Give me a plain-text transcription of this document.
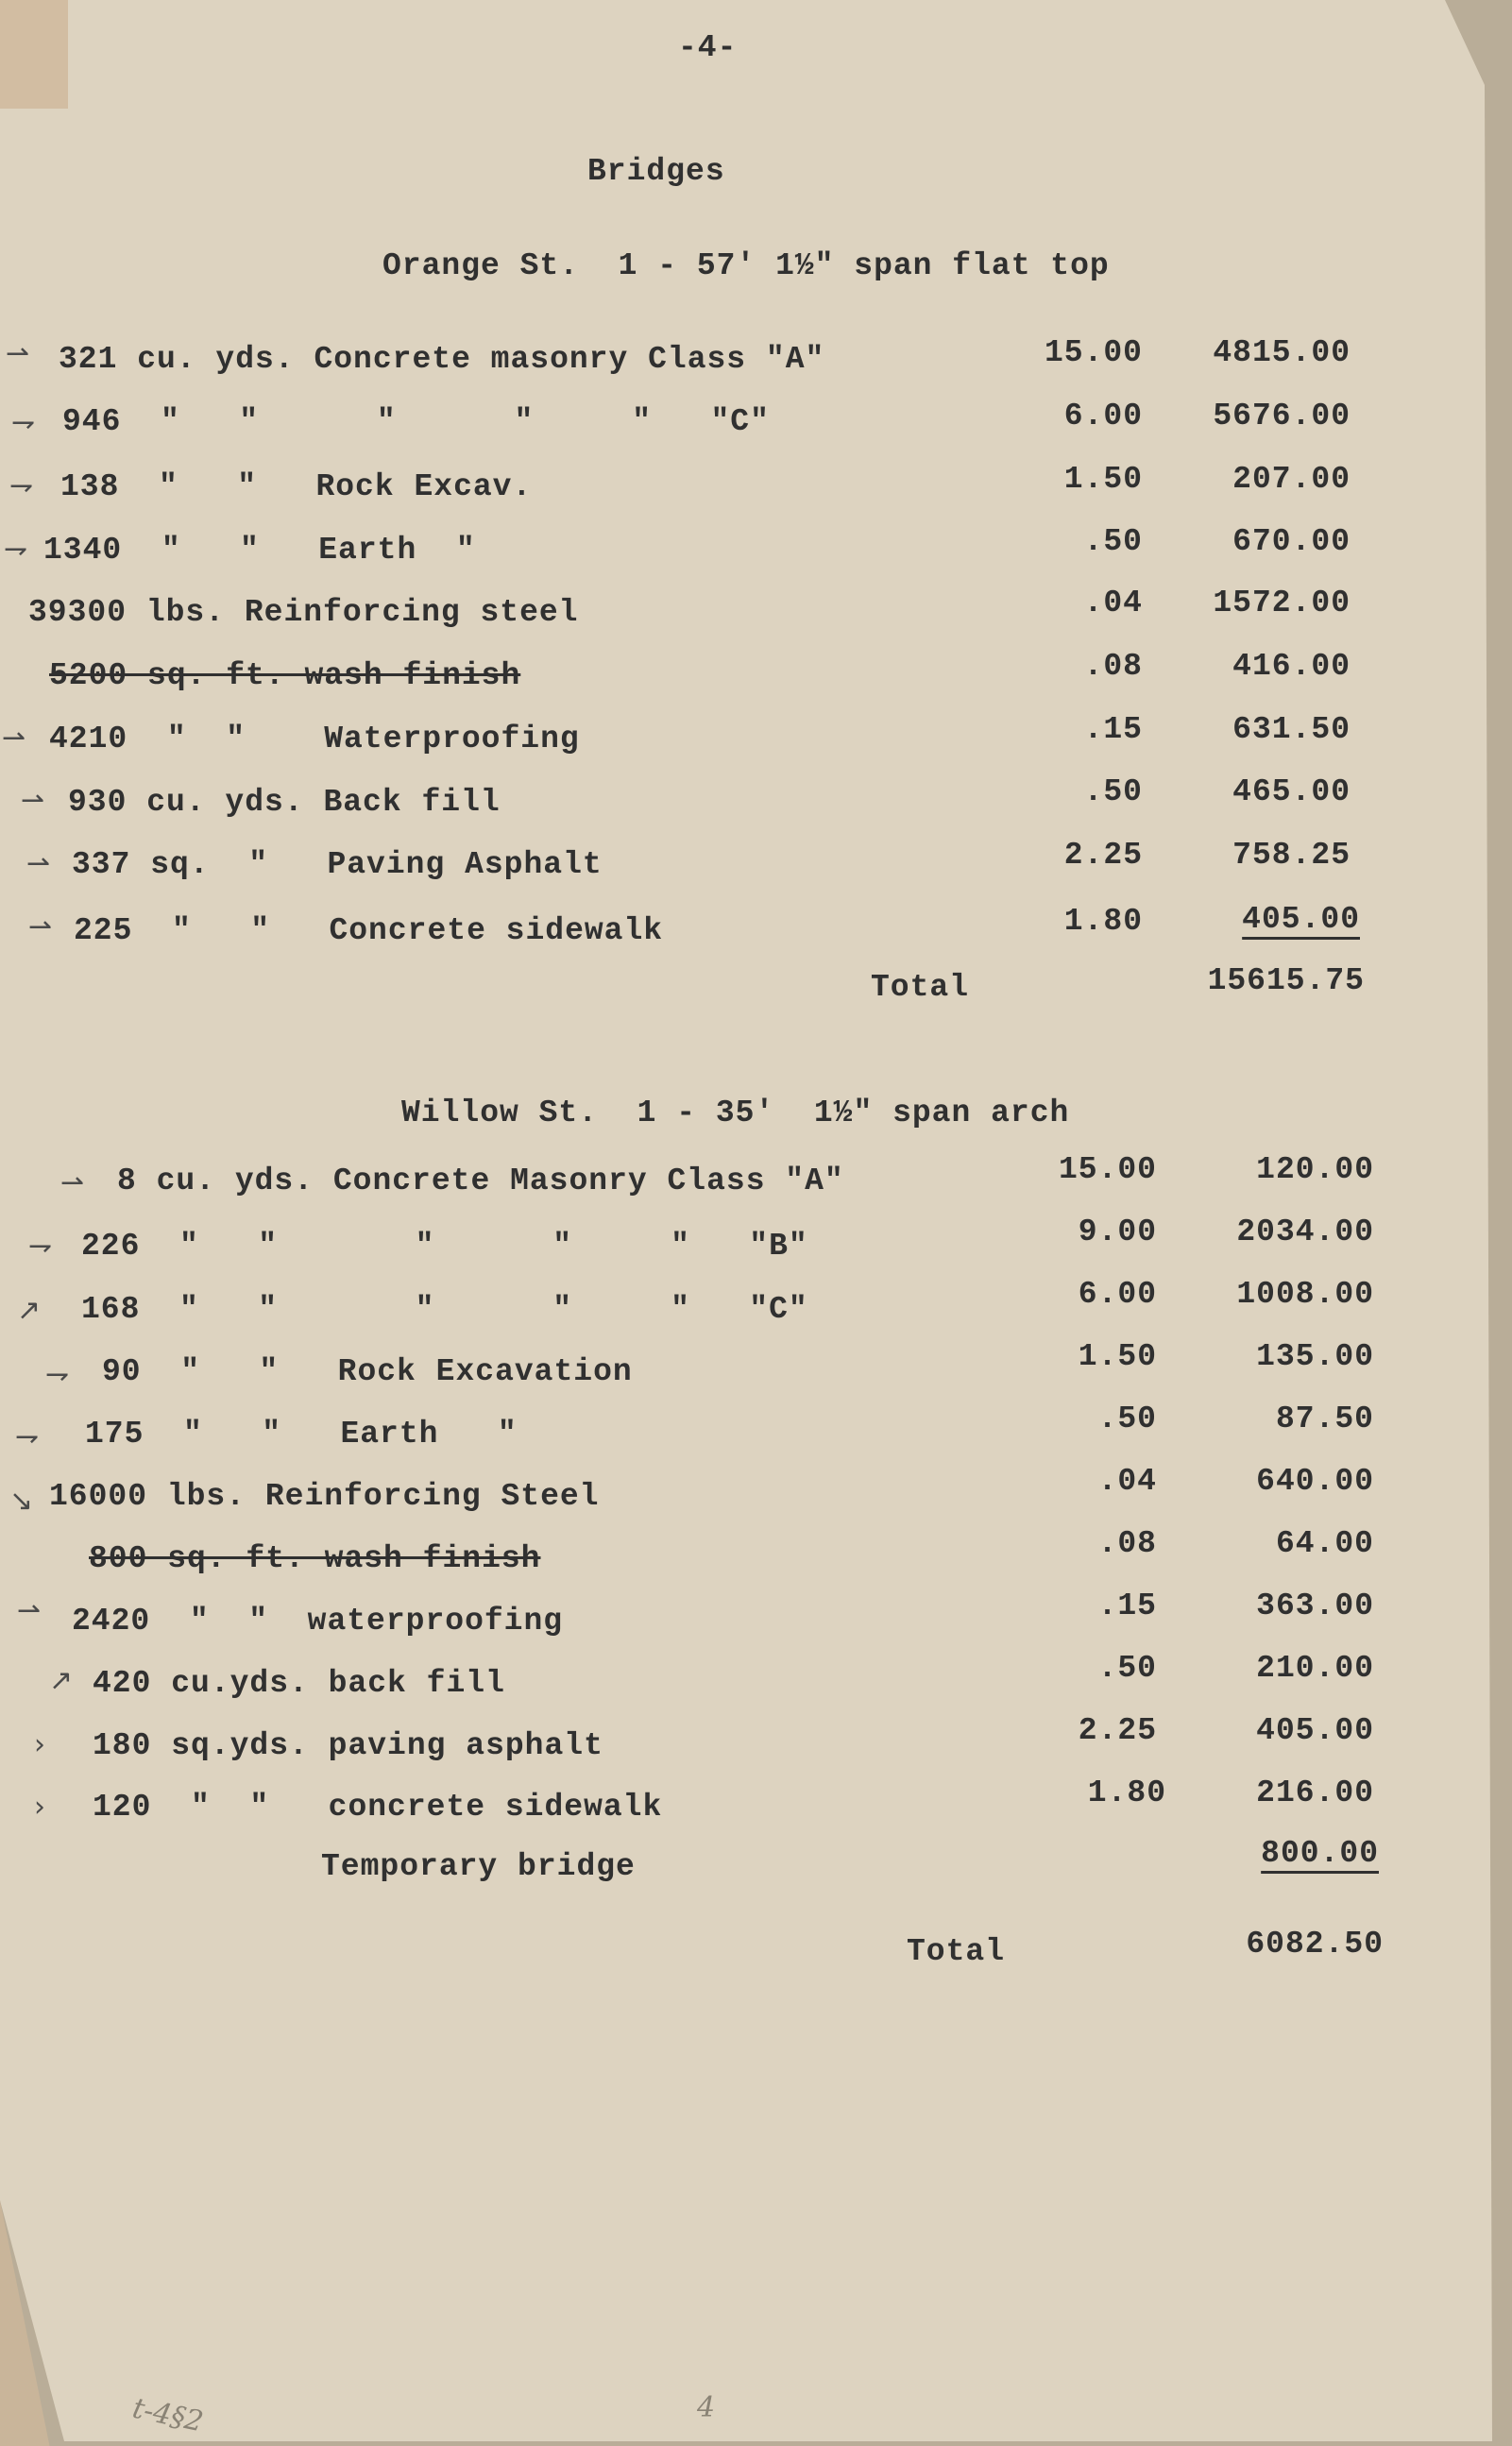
-4-
Bridges
Orange St.  1 - 57' 1½" span flat top
⇀ 321 cu. yds. Concrete masonry Class "A"	15.00	4815.00
⇁ 946  "   "      "      "     "   "C"	6.00	5676.00
⇁ 138  "   "   Rock Excav.	1.50	207.00
⇁ 1340  "   "   Earth  "	.50	670.00
39300 lbs. Reinforcing steel	.04	1572.00
5200 sq. ft. wash finish	.08	416.00
⇀ 4210  "  "    Waterproofing	.15	631.50
⇀ 930 cu. yds. Back fill	.50	465.00
⇀ 337 sq.  "   Paving Asphalt	2.25	758.25
⇀ 225  "   "   Concrete sidewalk	1.80	405.00
Total	15615.75
Willow St.  1 - 35'  1½" span arch
⇀ 8 cu. yds. Concrete Masonry Class "A"	15.00	120.00
⇁ 226  "   "       "      "     "   "B"	9.00	2034.00
↗ 168  "   "       "      "     "   "C"	6.00	1008.00
⇁ 90  "   "   Rock Excavation	1.50	135.00
⇁ 175  "   "   Earth   "	.50	87.50
↘ 16000 lbs. Reinforcing Steel	.04	640.00
800 sq. ft. wash finish	.08	64.00
⇀ 2420  "  "  waterproofing	.15	363.00
↗ 420 cu.yds. back fill	.50	210.00
› 180 sq.yds. paving asphalt	2.25	405.00
› 120  "  "   concrete sidewalk	1.80	216.00
Temporary bridge	800.00
Total	6082.50
4
t-4§2
